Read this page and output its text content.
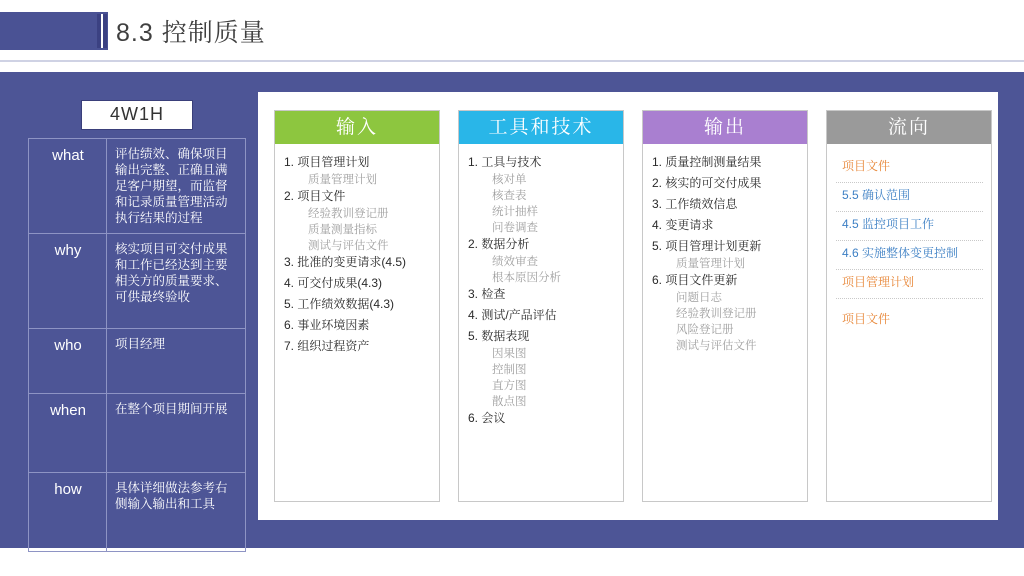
8.3 控制质量
4W1H
what	评估绩效、确保项目输出完整、正确且满足客户期望，而监督和记录质量管理活动执行结果的过程
why	核实项目可交付成果和工作已经达到主要相关方的质量要求、可供最终验收
who	项目经理
when	在整个项目期间开展
how	具体详细做法参考右侧输入输出和工具
输入
1. 项目管理计划
质量管理计划
2. 项目文件
经验教训登记册
质量测量指标
测试与评估文件
3. 批准的变更请求(4.5)
4. 可交付成果(4.3)
5. 工作绩效数据(4.3)
6. 事业环境因素
7. 组织过程资产
工具和技术
1. 工具与技术
核对单
核查表
统计抽样
问卷调查
2. 数据分析
绩效审查
根本原因分析
3. 检查
4. 测试/产品评估
5. 数据表现
因果图
控制图
直方图
散点图
6. 会议
输出
1. 质量控制测量结果
2. 核实的可交付成果
3. 工作绩效信息
4. 变更请求
5. 项目管理计划更新
质量管理计划
6. 项目文件更新
问题日志
经验教训登记册
风险登记册
测试与评估文件
流向
项目文件
5.5 确认范围
4.5 监控项目工作
4.6 实施整体变更控制
项目管理计划
项目文件
